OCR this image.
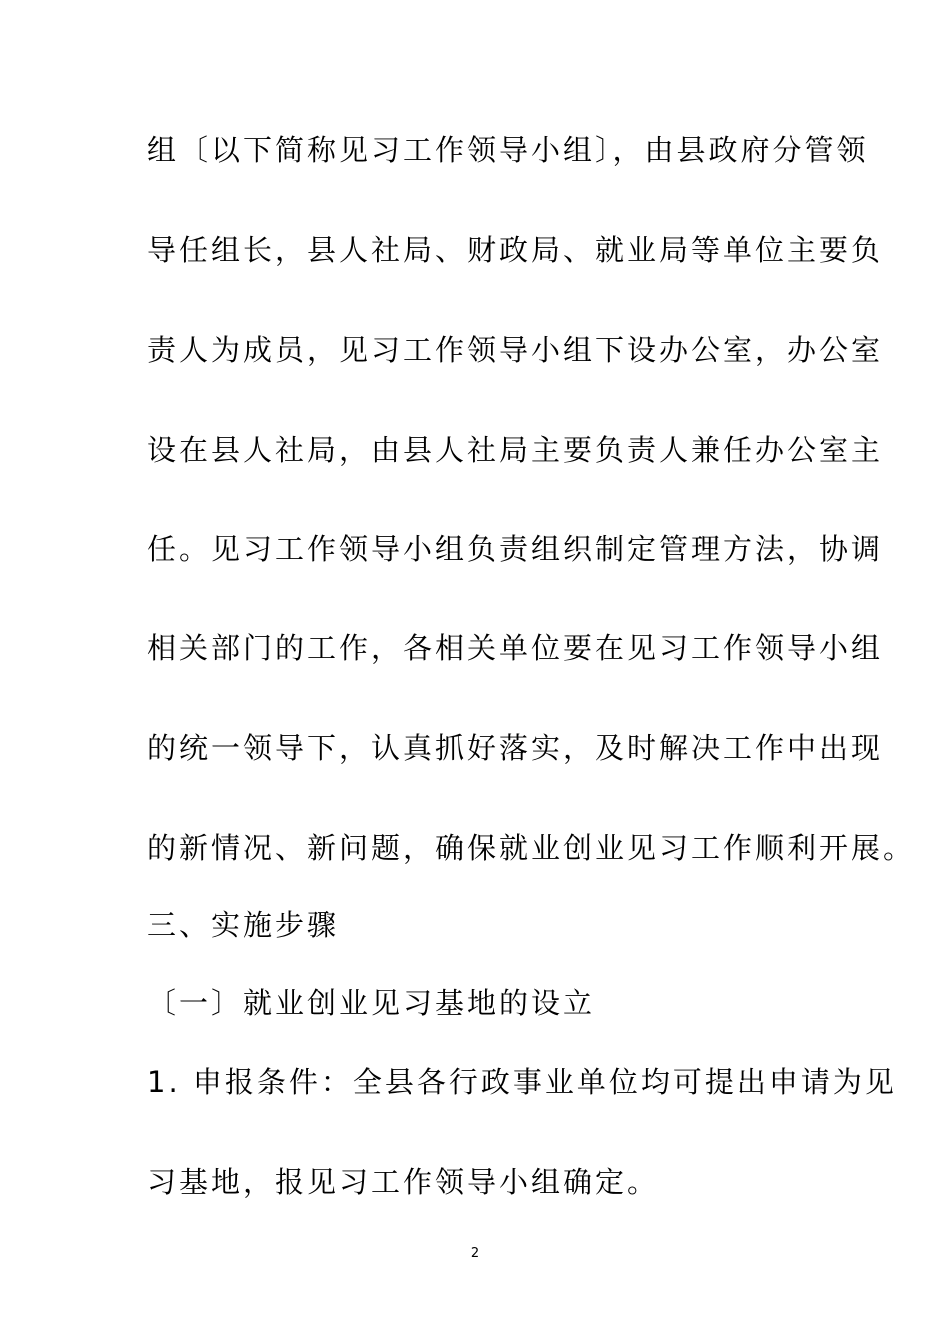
组〔以下简称见习工作领导小组〕，由县政府分管领
导任组长，县人社局、财政局、就业局等单位主要负
责人为成员，见习工作领导小组下设办公室，办公室
设在县人社局，由县人社局主要负责人兼任办公室主
任。见习工作领导小组负责组织制定管理方法，协调
相关部门的工作，各相关单位要在见习工作领导小组
的统一领导下，认真抓好落实，及时解决工作中出现
的新情况、新问题，确保就业创业见习工作顺利开展。
三、实施步骤
〔一〕就业创业见习基地的设立
1. 申报条件：全县各行政事业单位均可提出申请为见
习基地，报见习工作领导小组确定。
2
